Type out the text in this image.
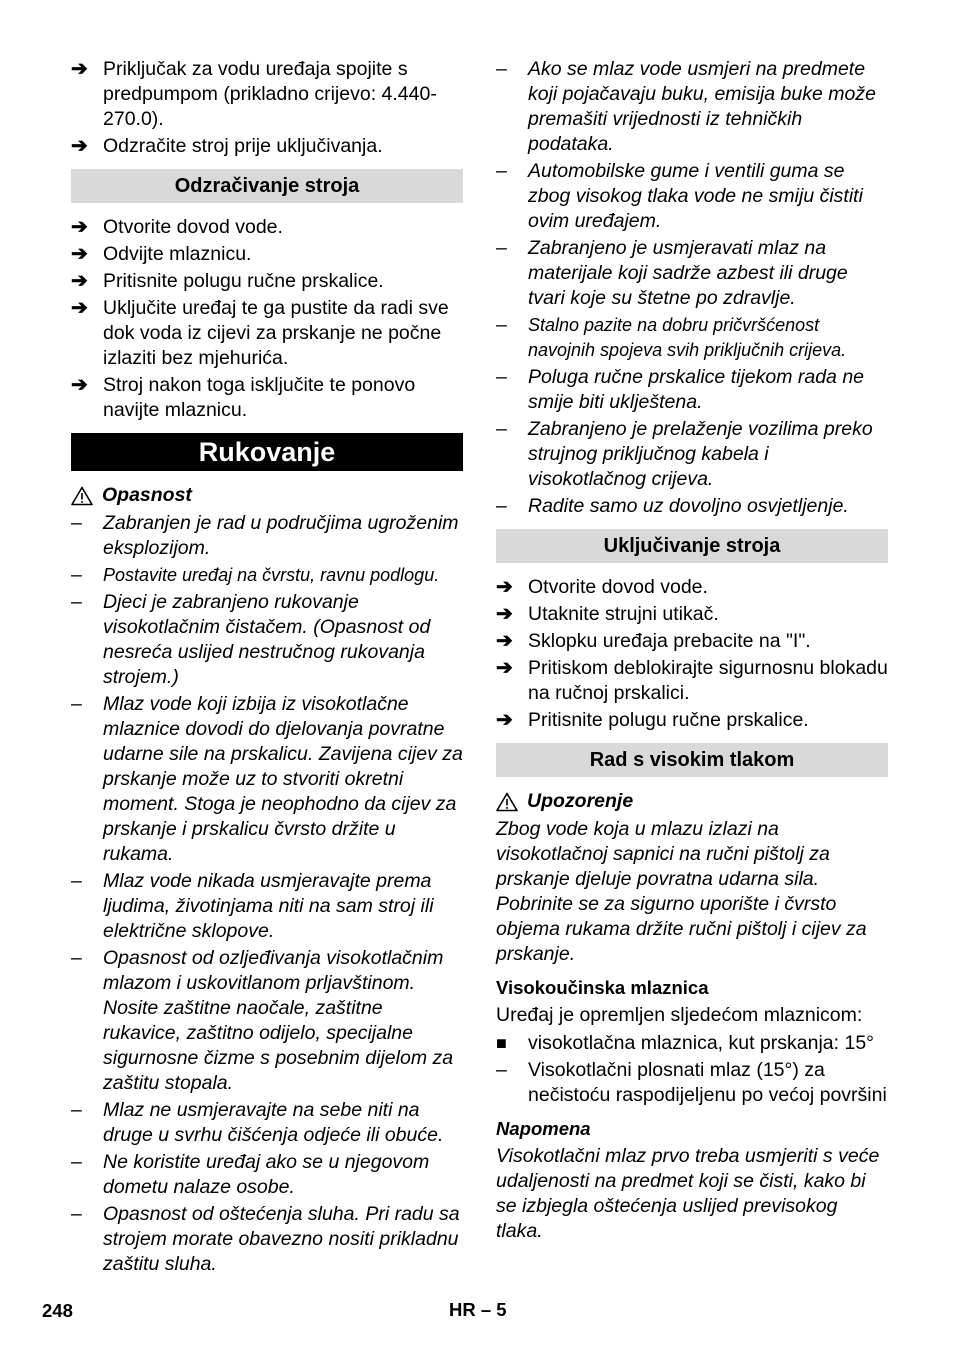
➔ Priključak za vodu uređaja spojite s predpumpom (prikladno crijevo: 4.440-270.0).
➔ Odzračite stroj prije uključivanja.
Odzračivanje stroja
➔ Otvorite dovod vode.
➔ Odvijte mlaznicu.
➔ Pritisnite polugu ručne prskalice.
➔ Uključite uređaj te ga pustite da radi sve dok voda iz cijevi za prskanje ne počne izlaziti bez mjehurića.
➔ Stroj nakon toga isključite te ponovo navijte mlaznicu.
Rukovanje
Opasnost
–	Zabranjen je rad u područjima ugroženim eksplozijom.
–	Postavite uređaj na čvrstu, ravnu podlogu.
–	Djeci je zabranjeno rukovanje visokotlačnim čistačem. (Opasnost od nesreća uslijed nestručnog rukovanja strojem.)
–	Mlaz vode koji izbija iz visokotlačne mlaznice dovodi do djelovanja povratne udarne sile na prskalicu. Zavijena cijev za prskanje može uz to stvoriti okretni moment. Stoga je neophodno da cijev za prskanje i prskalicu čvrsto držite u rukama.
–	Mlaz vode nikada usmjeravajte prema ljudima, životinjama niti na sam stroj ili električne sklopove.
–	Opasnost od ozljeđivanja visokotlačnim mlazom i uskovitlanom prljavštinom. Nosite zaštitne naočale, zaštitne rukavice, zaštitno odijelo, specijalne sigurnosne čizme s posebnim dijelom za zaštitu stopala.
–	Mlaz ne usmjeravajte na sebe niti na druge u svrhu čišćenja odjeće ili obuće.
–	Ne koristite uređaj ako se u njegovom dometu nalaze osobe.
–	Opasnost od oštećenja sluha. Pri radu sa strojem morate obavezno nositi prikladnu zaštitu sluha.
–	Ako se mlaz vode usmjeri na predmete koji pojačavaju buku, emisija buke može premašiti vrijednosti iz tehničkih podataka.
–	Automobilske gume i ventili guma se zbog visokog tlaka vode ne smiju čistiti ovim uređajem.
–	Zabranjeno je usmjeravati mlaz na materijale koji sadrže azbest ili druge tvari koje su štetne po zdravlje.
–	Stalno pazite na dobru pričvršćenost navojnih spojeva svih priključnih crijeva.
–	Poluga ručne prskalice tijekom rada ne smije biti uklještena.
–	Zabranjeno je prelaženje vozilima preko strujnog priključnog kabela i visokotlačnog crijeva.
–	Radite samo uz dovoljno osvjetljenje.
Uključivanje stroja
➔ Otvorite dovod vode.
➔ Utaknite strujni utikač.
➔ Sklopku uređaja prebacite na "I".
➔ Pritiskom deblokirajte sigurnosnu blokadu na ručnoj prskalici.
➔ Pritisnite polugu ručne prskalice.
Rad s visokim tlakom
Upozorenje
Zbog vode koja u mlazu izlazi na visokotlačnoj sapnici na ručni pištolj za prskanje djeluje povratna udarna sila. Pobrinite se za sigurno uporište i čvrsto objema rukama držite ručni pištolj i cijev za prskanje.
Visokoučinska mlaznica
Uređaj je opremljen sljedećom mlaznicom:
■	visokotlačna mlaznica, kut prskanja: 15°
–	Visokotlačni plosnati mlaz (15°) za nečistoću raspodijeljenu po većoj površini
Napomena
Visokotlačni mlaz prvo treba usmjeriti s veće udaljenosti na predmet koji se čisti, kako bi se izbjegla oštećenja uslijed previsokog tlaka.
248	HR – 5
